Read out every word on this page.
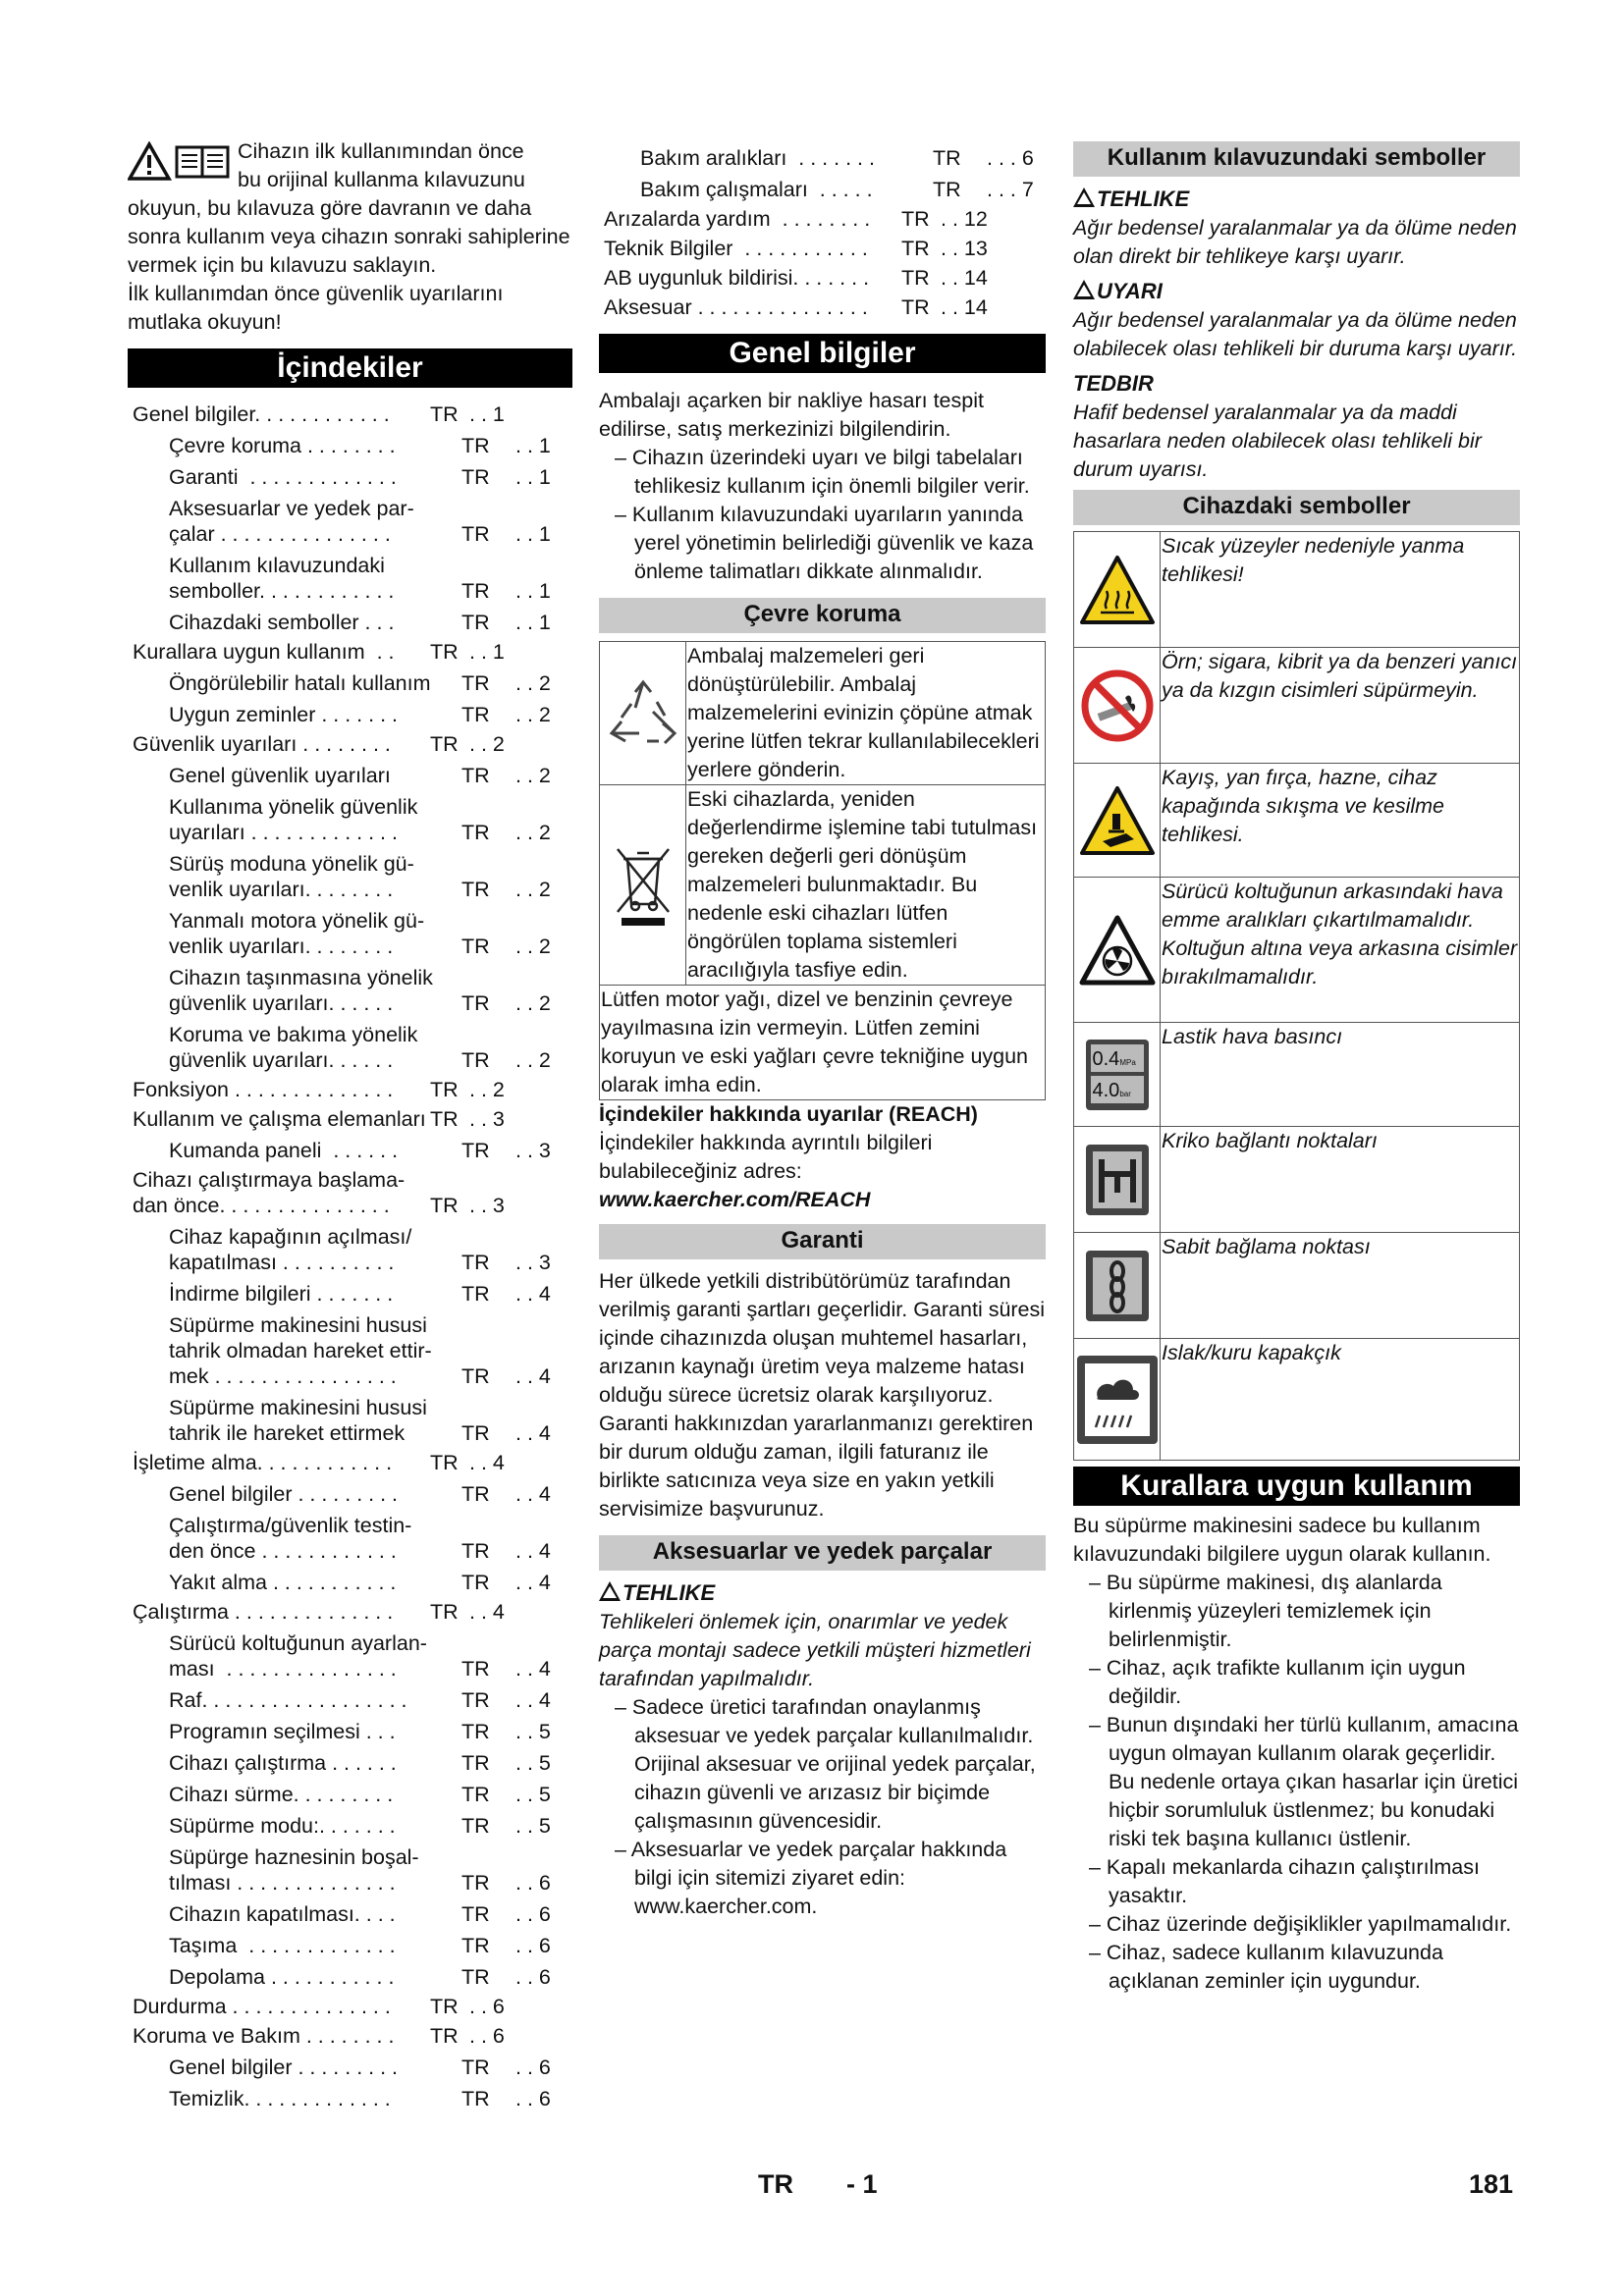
Cihazın ilk kullanımından önce

bu orijinal kullanma kılavuzunu

okuyun, bu kılavuza göre davranın ve daha sonra kullanım veya cihazın sonraki sahiplerine vermek için bu kılavuzu saklayın.

İlk kullanımdan önce güvenlik uyarılarını mutlaka okuyun!

İçindekiler
Genel bilgiler. . . . . . . . . . . . TR . . 1
Çevre koruma . . . . . . . .	TR . . 1
Garanti  . . . . . . . . . . . . .	TR . . 1
Aksesuarlar ve yedek par-
çalar . . . . . . . . . . . . . . .	TR . . 1
Kullanım kılavuzundaki
semboller. . . . . . . . . . . .	TR . . 1
Cihazdaki semboller . . .	TR . . 1
Kurallara uygun kullanım  . . TR . . 1
Öngörülebilir hatalı kullanım TR . . 2
Uygun zeminler . . . . . . .	TR . . 2
Güvenlik uyarıları . . . . . . . . TR . . 2
Genel güvenlik uyarıları	TR . . 2
Kullanıma yönelik güvenlik
uyarıları . . . . . . . . . . . . .	TR . . 2
Sürüş moduna yönelik gü-
venlik uyarıları. . . . . . . .	TR . . 2
Yanmalı motora yönelik gü-
venlik uyarıları. . . . . . . .	TR . . 2
Cihazın taşınmasına yönelik
güvenlik uyarıları. . . . . .	TR . . 2
Koruma ve bakıma yönelik
güvenlik uyarıları. . . . . .	TR . . 2
Fonksiyon . . . . . . . . . . . . . . TR . . 2
Kullanım ve çalışma elemanları TR . . 3
Kumanda paneli  . . . . . .	TR . . 3
Cihazı çalıştırmaya başlama-
dan önce. . . . . . . . . . . . . . . TR . . 3
Cihaz kapağının açılması/
kapatılması . . . . . . . . . .	TR . . 3
İndirme bilgileri . . . . . . .	TR . . 4
Süpürme makinesini hususi
tahrik olmadan hareket ettir-
mek . . . . . . . . . . . . . . . .	TR . . 4
Süpürme makinesini hususi
tahrik ile hareket ettirmek	TR . . 4
İşletime alma. . . . . . . . . . . . TR . . 4
Genel bilgiler . . . . . . . . .	TR . . 4
Çalıştırma/güvenlik testin-
den önce . . . . . . . . . . . .	TR . . 4
Yakıt alma . . . . . . . . . . .	TR . . 4
Çalıştırma . . . . . . . . . . . . . . TR . . 4
Sürücü koltuğunun ayarlan-
ması  . . . . . . . . . . . . . . .	TR . . 4
Raf. . . . . . . . . . . . . . . . . .	TR . . 4
Programın seçilmesi . . .	TR . . 5
Cihazı çalıştırma . . . . . .	TR . . 5
Cihazı sürme. . . . . . . . .	TR . . 5
Süpürme modu:. . . . . . .	TR . . 5
Süpürge haznesinin boşal-
tılması . . . . . . . . . . . . . .	TR . . 6
Cihazın kapatılması. . . .	TR . . 6
Taşıma  . . . . . . . . . . . . .	TR . . 6
Depolama . . . . . . . . . . .	TR . . 6
Durdurma . . . . . . . . . . . . . . TR . . 6
Koruma ve Bakım . . . . . . . . TR . . 6
Genel bilgiler . . . . . . . . .	TR . . 6
Temizlik. . . . . . . . . . . . .	TR . . 6
Bakım aralıkları  . . . . . . .	TR . . . 6
Bakım çalışmaları  . . . . .	TR . . . 7
Arızalarda yardım  . . . . . . . . TR . . 12
Teknik Bilgiler  . . . . . . . . . . . TR . . 13
AB uygunluk bildirisi. . . . . . . TR . . 14
Aksesuar . . . . . . . . . . . . . . . TR . . 14
Genel bilgiler

Ambalajı açarken bir nakliye hasarı tespit edilirse, satış merkezinizi bilgilendirin.

– Cihazın üzerindeki uyarı ve bilgi tabelaları tehlikesiz kullanım için önemli bilgiler verir.

– Kullanım kılavuzundaki uyarıların yanında yerel yönetimin belirlediği güvenlik ve kaza önleme talimatları dikkate alınmalıdır.

Çevre koruma
	Ambalaj malzemeleri geri dönüştürülebilir. Ambalaj malzemelerini evinizin çöpüne atmak yerine lütfen tekrar kullanılabilecekleri yerlere gönderin.
	Eski cihazlarda, yeniden değerlendirme işlemine tabi tutulması gereken değerli geri dönüşüm malzemeleri bulunmaktadır. Bu nedenle eski cihazları lütfen öngörülen toplama sistemleri aracılığıyla tasfiye edin.
Lütfen motor yağı, dizel ve benzinin çevreye yayılmasına izin vermeyin. Lütfen zemini koruyun ve eski yağları çevre tekniğine uygun olarak imha edin.	

İçindekiler hakkında uyarılar (REACH)

İçindekiler hakkında ayrıntılı bilgileri bulabileceğiniz adres:

www.kaercher.com/REACH

Garanti

Her ülkede yetkili distribütörümüz tarafından verilmiş garanti şartları geçerlidir. Garanti süresi içinde cihazınızda oluşan muhtemel hasarları, arızanın kaynağı üretim veya malzeme hatası olduğu sürece ücretsiz olarak karşılıyoruz. Garanti hakkınızdan yararlanmanızı gerektiren bir durum olduğu zaman, ilgili faturanız ile birlikte satıcınıza veya size en yakın yetkili servisimize başvurunuz.

Aksesuarlar ve yedek parçalar
TEHLIKE

Tehlikeleri önlemek için, onarımlar ve yedek parça montajı sadece yetkili müşteri hizmetleri tarafından yapılmalıdır.

– Sadece üretici tarafından onaylanmış aksesuar ve yedek parçalar kullanılmalıdır. Orijinal aksesuar ve orijinal yedek parçalar, cihazın güvenli ve arızasız bir biçimde çalışmasının güvencesidir.

– Aksesuarlar ve yedek parçalar hakkında bilgi için sitemizi ziyaret edin: www.kaercher.com.

Kullanım kılavuzundaki semboller
TEHLIKE

Ağır bedensel yaralanmalar ya da ölüme neden olan direkt bir tehlikeye karşı uyarır.

UYARI

Ağır bedensel yaralanmalar ya da ölüme neden olabilecek olası tehlikeli bir duruma karşı uyarır.

TEDBIR

Hafif bedensel yaralanmalar ya da maddi hasarlara neden olabilecek olası tehlikeli bir durum uyarısı.

Cihazdaki semboller
	Sıcak yüzeyler nedeniyle yanma tehlikesi!
	Örn; sigara, kibrit ya da benzeri yanıcı ya da kızgın cisimleri süpürmeyin.
	Kayış, yan fırça, hazne, cihaz kapağında sıkışma ve kesilme tehlikesi.
	Sürücü koltuğunun arkasındaki hava emme aralıkları çıkartılmamalıdır. Koltuğun altına veya arkasına cisimler bırakılmamalıdır.

0.4MPa
4.0bar	Lastik hava basıncı
	Kriko bağlantı noktaları
	Sabit bağlama noktası
	Islak/kuru kapakçık
Kurallara uygun kullanım

Bu süpürme makinesini sadece bu kullanım kılavuzundaki bilgilere uygun olarak kullanın.

– Bu süpürme makinesi, dış alanlarda kirlenmiş yüzeyleri temizlemek için belirlenmiştir.

– Cihaz, açık trafikte kullanım için uygun değildir.

– Bunun dışındaki her türlü kullanım, amacına uygun olmayan kullanım olarak geçerlidir. Bu nedenle ortaya çıkan hasarlar için üretici hiçbir sorumluluk üstlenmez; bu konudaki riski tek başına kullanıcı üstlenir.

– Kapalı mekanlarda cihazın çalıştırılması yasaktır.

– Cihaz üzerinde değişiklikler yapılmamalıdır.

– Cihaz, sadece kullanım kılavuzunda açıklanan zeminler için uygundur.

TR - 1	181
